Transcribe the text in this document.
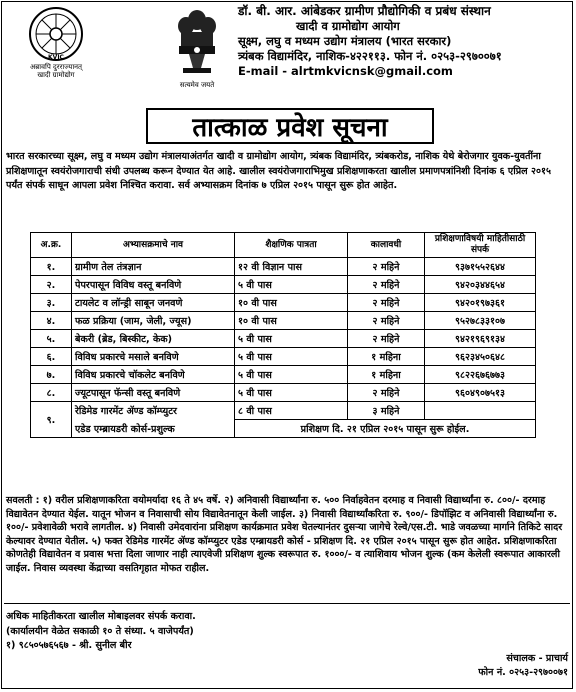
KVIC
अब्रावपि दुरराज्यानत्
खादी ग्रामोद्योग
सत्यमेव जयते
डॉ. बी. आर. आंबेडकर ग्रामीण प्रौद्योगिकी व प्रबंध संस्थान
खादी व ग्रामोद्योग आयोग
सूक्ष्म, लघु व मध्यम उद्योग मंत्रालय (भारत सरकार)
त्र्यंबक विद्यामंदिर, नाशिक-४२२११३. फोन नं. ०२५३-२९७००७१
E-mail - alrtmkvicnsk@gmail.com
तात्काळ प्रवेश सूचना
भारत सरकारच्या सूक्ष्म, लघु व मध्यम उद्योग मंत्रालयाअंतर्गत खादी व ग्रामोद्योग आयोग, त्र्यंबक विद्यामंदिर, त्र्यंबकरोड, नाशिक येथे बेरोजगार युवक-युवतींना प्रशिक्षणातून स्वयंरोजगाराची संधी उपलब्ध करून देण्यात येत आहे. खालील स्वयंरोजगाराभिमुख प्रशिक्षणाकरता खालील प्रमाणपत्रांनिशी दिनांक ६ एप्रिल २०१५ पर्यंत संपर्क साधून आपला प्रवेश निश्चित करावा. सर्व अभ्यासक्रम दिनांक ७ एप्रिल २०१५ पासून सुरू होत आहेत.
अ.क्र.	अभ्यासक्रमाचे नाव	शैक्षणिक पात्रता	कालावधी	प्रशिक्षणाविषयी माहितीसाठी संपर्क
१.	ग्रामीण तेल तंत्रज्ञान	१२ वी विज्ञान पास	२ महिने	९३७१५५२६४४
२.	पेपरपासून विविध वस्तू बनविणे	५ वी पास	२ महिने	९४२०३४४६५४
३.	टायलेट व लॉन्ड्री साबून जनवणे	१० वी पास	२ महिने	९४२०१९७३६१
४.	फळ प्रक्रिया (जाम, जेली, ज्यूस)	१० वी पास	२ महिने	९५२७८३३१०७
५.	बेकरी (ब्रेड, बिस्कीट, केक)	५ वी पास	२ महिने	९४२१९६९१३४
६.	विविध प्रकारचे मसाले बनविणे	५ वी पास	१ महिना	९६२३४५०६४८
७.	विविध प्रकारचे चॉकलेट बनविणे	५ वी पास	१ महिना	९८२२६७६७७३
८.	ज्यूटपासून फॅन्सी वस्तू बनविणे	५ वी पास	२ महिने	९६०४९०७५१३
९.	रेडिमेड गारमेंट ॲण्ड कॉम्प्युटर	८ वी पास	३ महिने	
	एडेड एम्ब्रायडरी कोर्स-प्रशुल्क	प्रशिक्षण दि. २१ एप्रिल २०१५ पासून सुरू होईल.		
सवलती : १) वरील प्रशिक्षणाकरिता वयोमर्यादा १६ ते ४५ वर्षे. २) अनिवासी विद्यार्थ्यांना रु. ५०० निर्वाहवेतन दरमाह व निवासी विद्यार्थ्यांना रु. ८००/- दरमाह विद्यावेतन देण्यात येईल. यातून भोजन व निवासाची सोय विद्यावेतनातून केली जाईल. ३) निवासी विद्यार्थ्यांकरिता रु. ९००/- डिपॉझिट व अनिवासी विद्यार्थ्यांना रु. १००/- प्रवेशावेळी भरावे लागतील. ४) निवासी उमेदवारांना प्रशिक्षण कार्यक्रमात प्रवेश घेतल्यानंतर दुसऱ्या जागेचे रेल्वे/एस.टी. भाडे जवळच्या मार्गाने तिकिटे सादर केल्यावर देण्यात येतील. ५) फक्त रेडिमेड गारमेंट ॲण्ड कॉम्प्युटर एडेड एम्ब्रायडरी कोर्स - प्रशिक्षण दि. २१ एप्रिल २०१५ पासून सुरू होत आहेत. प्रशिक्षणाकरिता कोणतेही विद्यावेतन व प्रवास भत्ता दिला जाणार नाही त्याएवेजी प्रशिक्षण शुल्क स्वरूपात रु. १०००/- व त्याशिवाय भोजन शुल्क (कम केलेली स्वरूपात आकारली जाईल. निवास व्यवस्था केंद्राच्या वसतिगृहात मोफत राहील.
अधिक माहितीकरता खालील मोबाइलवर संपर्क करावा.
(कार्यालयीन वेळेत सकाळी १० ते संध्या. ५ वाजेपर्यंत)
१) ९८५०५७६५६७ - श्री. सुनील बीर
संचालक - प्राचार्य
फोन नं. ०२५३-२९७००७१
